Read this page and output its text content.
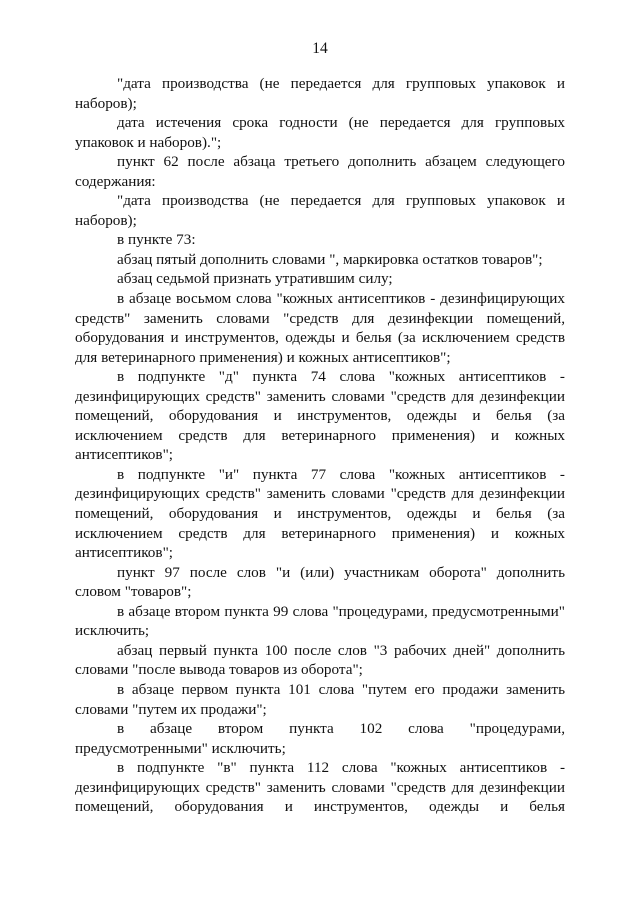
14

"дата производства (не передается для групповых упаковок и наборов);

дата истечения срока годности (не передается для групповых упаковок и наборов).";

пункт 62 после абзаца третьего дополнить абзацем следующего содержания:

"дата производства (не передается для групповых упаковок и наборов);

в пункте 73:

абзац пятый дополнить словами ", маркировка остатков товаров";

абзац седьмой признать утратившим силу;

в абзаце восьмом слова "кожных антисептиков - дезинфицирующих средств" заменить словами "средств для дезинфекции помещений, оборудования и инструментов, одежды и белья (за исключением средств для ветеринарного применения) и кожных антисептиков";

в подпункте "д" пункта 74 слова "кожных антисептиков - дезинфицирующих средств" заменить словами "средств для дезинфекции помещений, оборудования и инструментов, одежды и белья (за исключением средств для ветеринарного применения) и кожных антисептиков";

в подпункте "и" пункта 77 слова "кожных антисептиков - дезинфицирующих средств" заменить словами "средств для дезинфекции помещений, оборудования и инструментов, одежды и белья (за исключением средств для ветеринарного применения) и кожных антисептиков";

пункт 97 после слов "и (или) участникам оборота" дополнить словом "товаров";

в абзаце втором пункта 99 слова "процедурами, предусмотренными" исключить;

абзац первый пункта 100 после слов "3 рабочих дней" дополнить словами "после вывода товаров из оборота";

в абзаце первом пункта 101 слова "путем его продажи заменить словами "путем их продажи";

в абзаце втором пункта 102 слова "процедурами, предусмотренными" исключить;

в подпункте "в" пункта 112 слова "кожных антисептиков - дезинфицирующих средств" заменить словами "средств для дезинфекции помещений, оборудования и инструментов, одежды и белья
